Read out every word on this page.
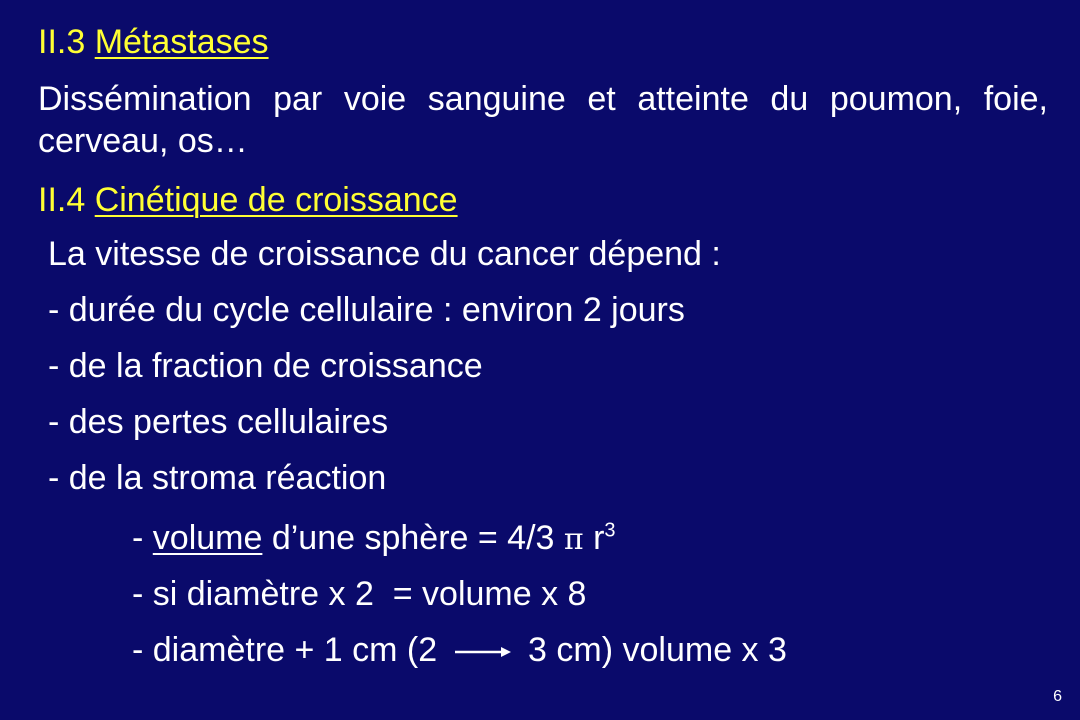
II.3 Métastases
Dissémination par voie sanguine et atteinte du poumon, foie, cerveau, os…
II.4 Cinétique de croissance
La vitesse de croissance du cancer dépend :
- durée du cycle cellulaire : environ 2 jours
- de la fraction de croissance
- des pertes cellulaires
- de la stroma réaction
- volume d’une sphère = 4/3 π $r^3$
- si diamètre x 2  = volume x 8
- diamètre + 1 cm (2  3 cm) volume x 3
6
